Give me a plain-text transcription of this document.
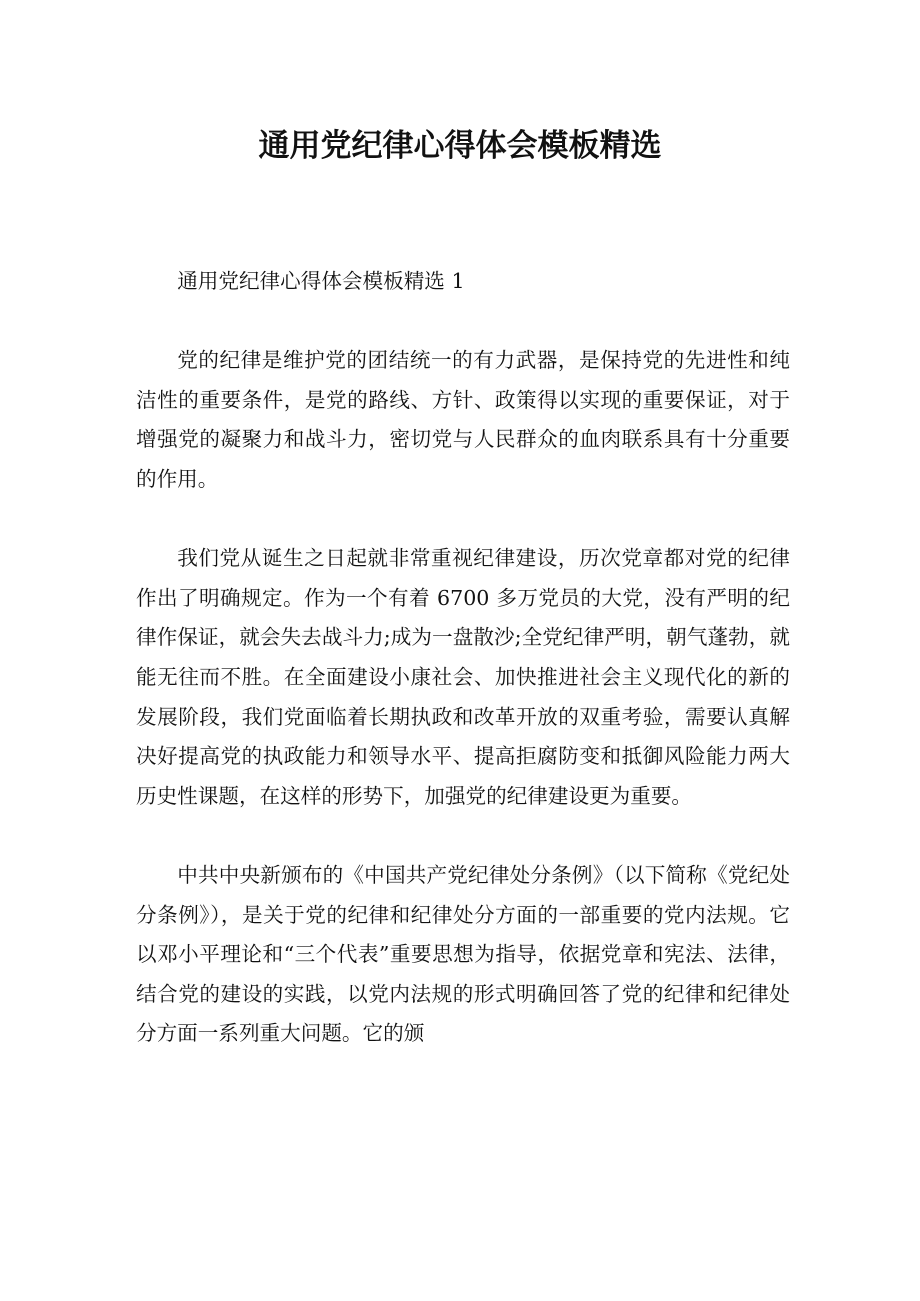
通用党纪律心得体会模板精选

通用党纪律心得体会模板精选 1

党的纪律是维护党的团结统一的有力武器，是保持党的先进性和纯洁性的重要条件，是党的路线、方针、政策得以实现的重要保证，对于增强党的凝聚力和战斗力，密切党与人民群众的血肉联系具有十分重要的作用。

我们党从诞生之日起就非常重视纪律建设，历次党章都对党的纪律作出了明确规定。作为一个有着 6700 多万党员的大党，没有严明的纪律作保证，就会失去战斗力;成为一盘散沙;全党纪律严明，朝气蓬勃，就能无往而不胜。在全面建设小康社会、加快推进社会主义现代化的新的发展阶段，我们党面临着长期执政和改革开放的双重考验，需要认真解决好提高党的执政能力和领导水平、提高拒腐防变和抵御风险能力两大历史性课题，在这样的形势下，加强党的纪律建设更为重要。

中共中央新颁布的《中国共产党纪律处分条例》（以下简称《党纪处分条例》），是关于党的纪律和纪律处分方面的一部重要的党内法规。它以邓小平理论和“三个代表”重要思想为指导，依据党章和宪法、法律，结合党的建设的实践，以党内法规的形式明确回答了党的纪律和纪律处分方面一系列重大问题。它的颁
